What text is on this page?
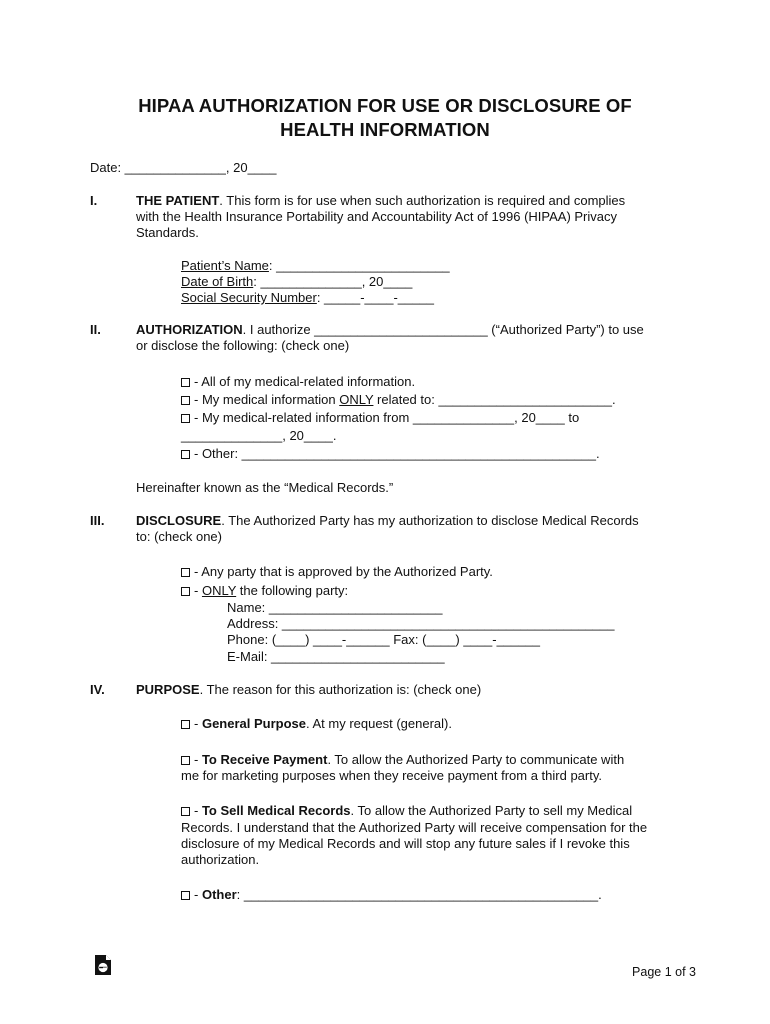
HIPAA AUTHORIZATION FOR USE OR DISCLOSURE OF
HEALTH INFORMATION
Date: ______________, 20____
I.	THE PATIENT. This form is for use when such authorization is required and complies
with the Health Insurance Portability and Accountability Act of 1996 (HIPAA) Privacy
Standards.
Patient’s Name: ________________________
Date of Birth: ______________, 20____
Social Security Number: _____-____-_____
II.	AUTHORIZATION. I authorize ________________________ (“Authorized Party”) to use
or disclose the following: (check one)
- All of my medical-related information.
- My medical information ONLY related to: ________________________.
- My medical-related information from ______________, 20____ to
______________, 20____.
- Other: _________________________________________________.
Hereinafter known as the “Medical Records.”
III. DISCLOSURE. The Authorized Party has my authorization to disclose Medical Records
to: (check one)
- Any party that is approved by the Authorized Party.
- ONLY the following party:
Name: ________________________
Address: ______________________________________________
Phone: (____) ____-______ Fax: (____) ____-______
E-Mail: ________________________
IV. PURPOSE. The reason for this authorization is: (check one)
- General Purpose. At my request (general).
- To Receive Payment. To allow the Authorized Party to communicate with
me for marketing purposes when they receive payment from a third party.
- To Sell Medical Records. To allow the Authorized Party to sell my Medical
Records. I understand that the Authorized Party will receive compensation for the
disclosure of my Medical Records and will stop any future sales if I revoke this
authorization.
- Other: _________________________________________________.
Page 1 of 3
